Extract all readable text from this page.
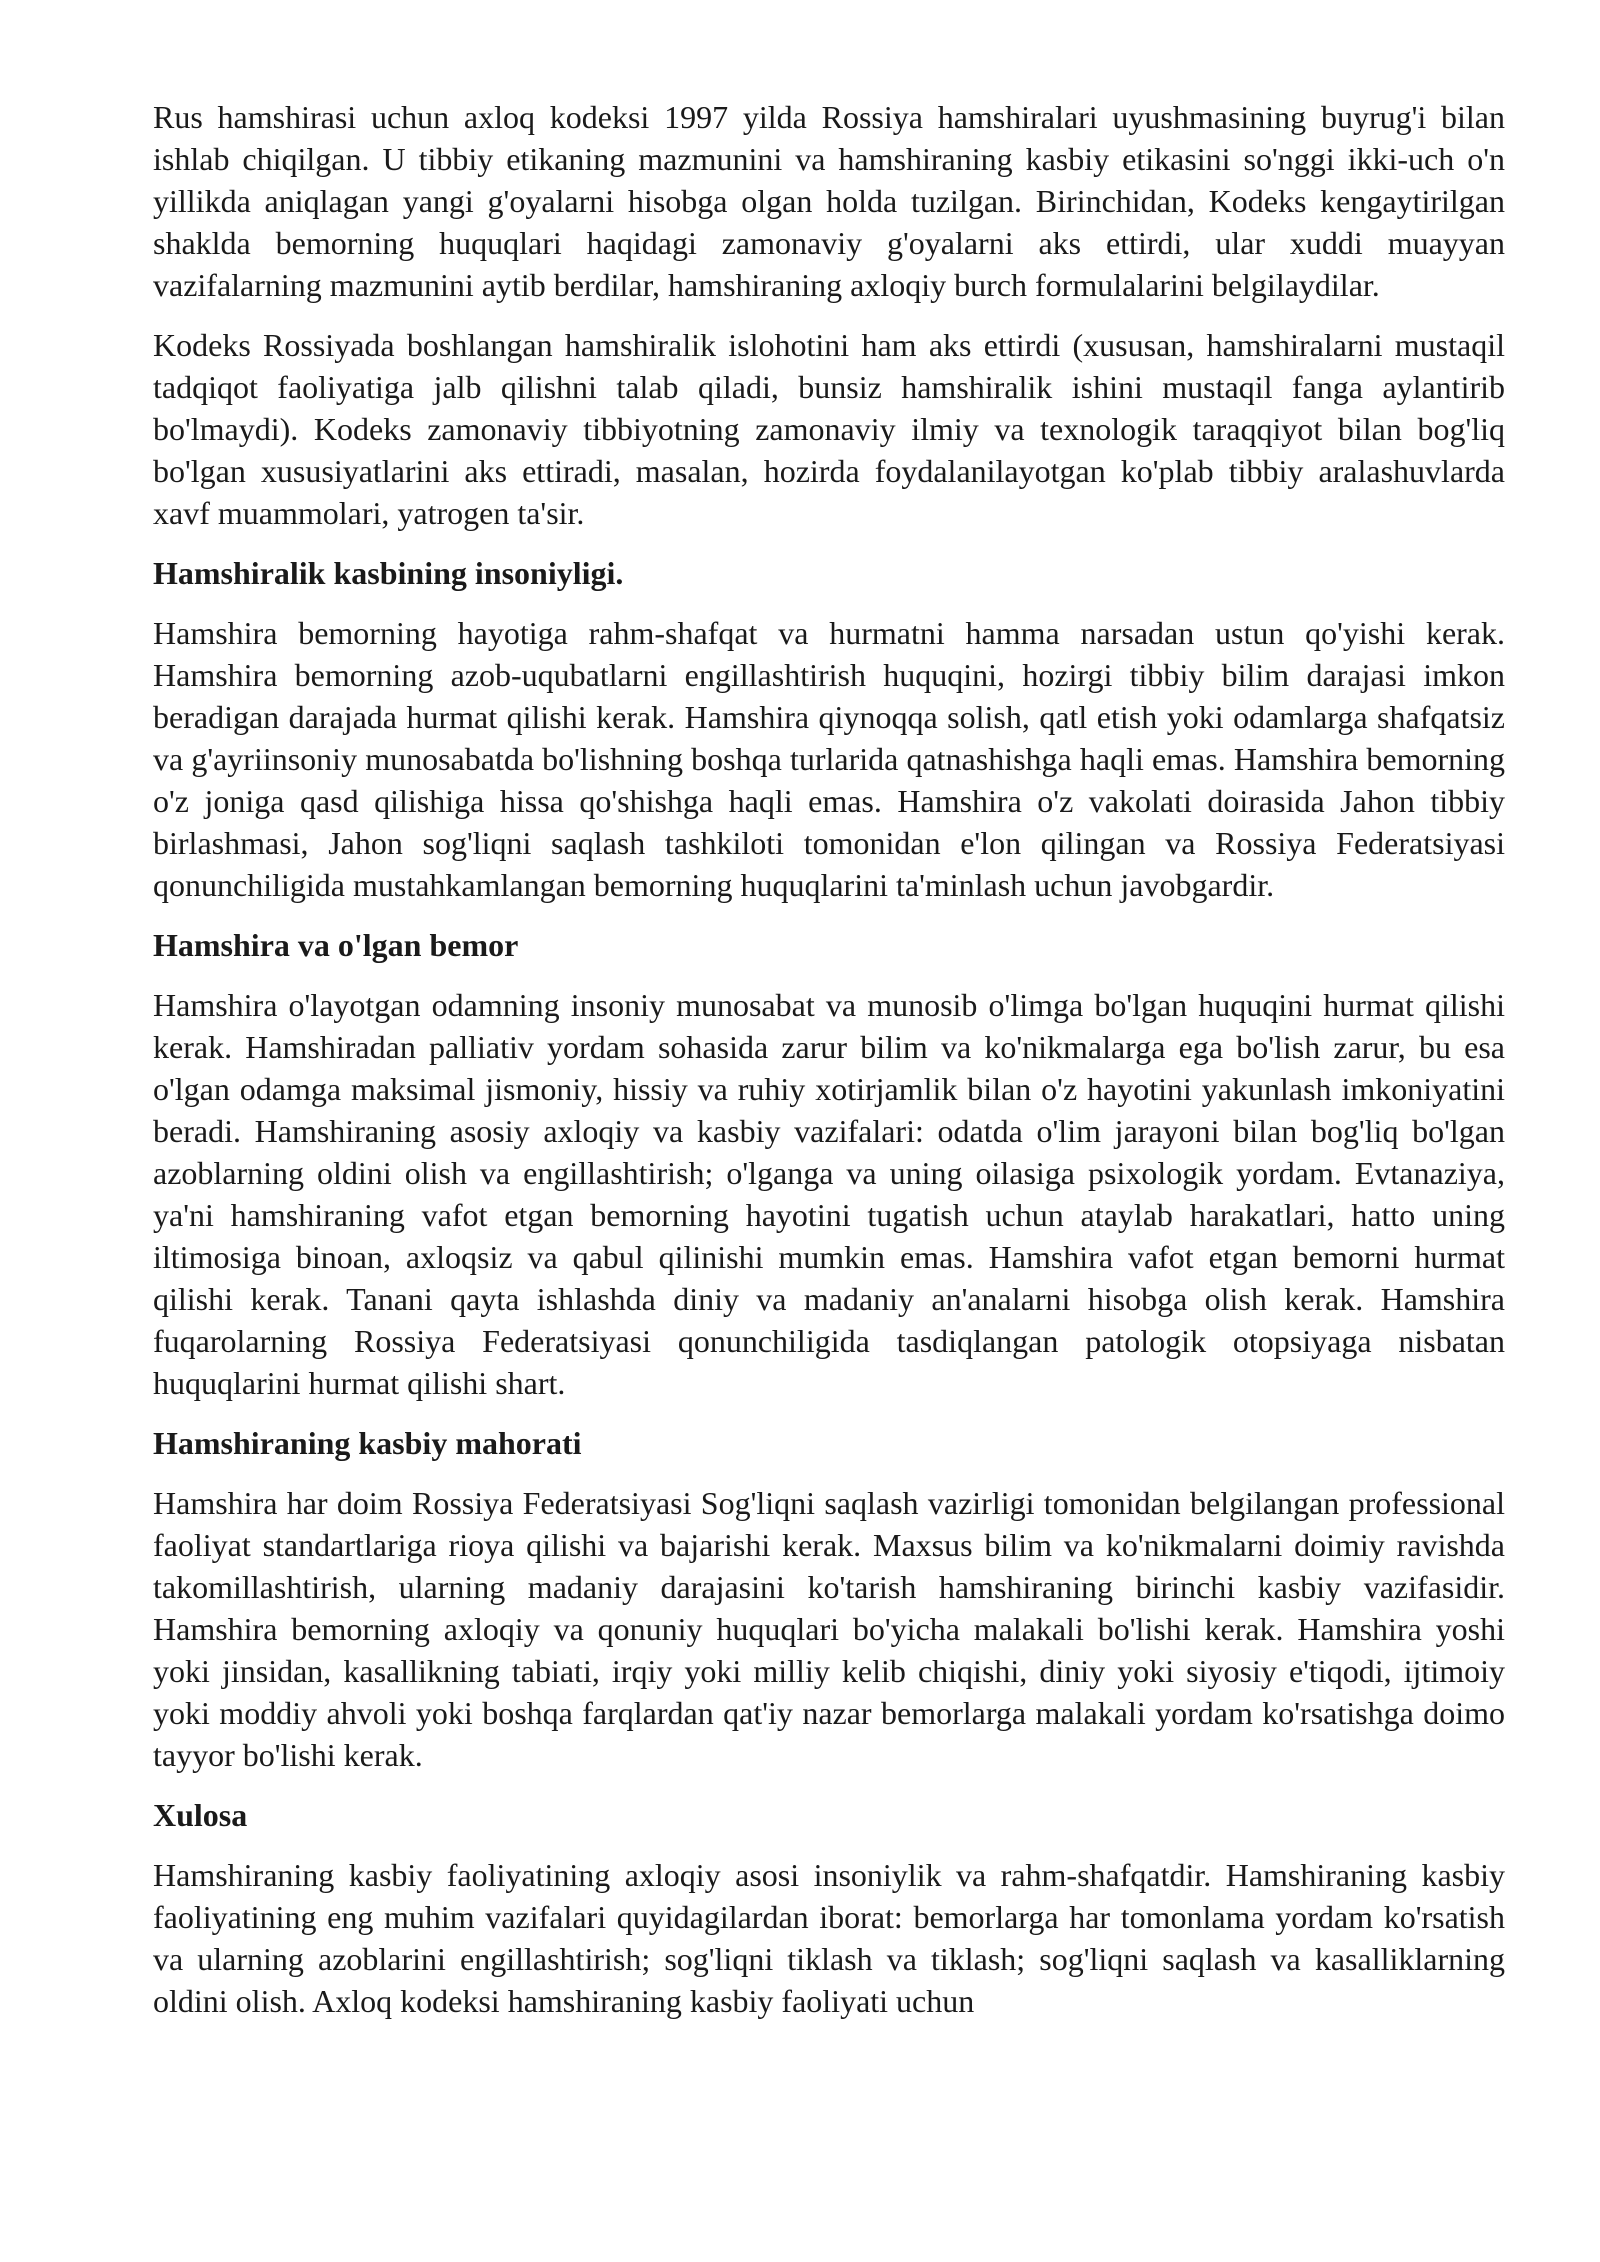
Rus hamshirasi uchun axloq kodeksi 1997 yilda Rossiya hamshiralari uyushmasining buyrug'i bilan ishlab chiqilgan. U tibbiy etikaning mazmunini va hamshiraning kasbiy etikasini so'nggi ikki-uch o'n yillikda aniqlagan yangi g'oyalarni hisobga olgan holda tuzilgan. Birinchidan, Kodeks kengaytirilgan shaklda bemorning huquqlari haqidagi zamonaviy g'oyalarni aks ettirdi, ular xuddi muayyan vazifalarning mazmunini aytib berdilar, hamshiraning axloqiy burch formulalarini belgilaydilar.

Kodeks Rossiyada boshlangan hamshiralik islohotini ham aks ettirdi (xususan, hamshiralarni mustaqil tadqiqot faoliyatiga jalb qilishni talab qiladi, bunsiz hamshiralik ishini mustaqil fanga aylantirib bo'lmaydi). Kodeks zamonaviy tibbiyotning zamonaviy ilmiy va texnologik taraqqiyot bilan bog'liq bo'lgan xususiyatlarini aks ettiradi, masalan, hozirda foydalanilayotgan ko'plab tibbiy aralashuvlarda xavf muammolari, yatrogen ta'sir.

Hamshiralik kasbining insoniyligi.

Hamshira bemorning hayotiga rahm-shafqat va hurmatni hamma narsadan ustun qo'yishi kerak. Hamshira bemorning azob-uqubatlarni engillashtirish huquqini, hozirgi tibbiy bilim darajasi imkon beradigan darajada hurmat qilishi kerak. Hamshira qiynoqqa solish, qatl etish yoki odamlarga shafqatsiz va g'ayriinsoniy munosabatda bo'lishning boshqa turlarida qatnashishga haqli emas. Hamshira bemorning o'z joniga qasd qilishiga hissa qo'shishga haqli emas. Hamshira o'z vakolati doirasida Jahon tibbiy birlashmasi, Jahon sog'liqni saqlash tashkiloti tomonidan e'lon qilingan va Rossiya Federatsiyasi qonunchiligida mustahkamlangan bemorning huquqlarini ta'minlash uchun javobgardir.

Hamshira va o'lgan bemor

Hamshira o'layotgan odamning insoniy munosabat va munosib o'limga bo'lgan huquqini hurmat qilishi kerak. Hamshiradan palliativ yordam sohasida zarur bilim va ko'nikmalarga ega bo'lish zarur, bu esa o'lgan odamga maksimal jismoniy, hissiy va ruhiy xotirjamlik bilan o'z hayotini yakunlash imkoniyatini beradi. Hamshiraning asosiy axloqiy va kasbiy vazifalari: odatda o'lim jarayoni bilan bog'liq bo'lgan azoblarning oldini olish va engillashtirish; o'lganga va uning oilasiga psixologik yordam. Evtanaziya, ya'ni hamshiraning vafot etgan bemorning hayotini tugatish uchun ataylab harakatlari, hatto uning iltimosiga binoan, axloqsiz va qabul qilinishi mumkin emas. Hamshira vafot etgan bemorni hurmat qilishi kerak. Tanani qayta ishlashda diniy va madaniy an'analarni hisobga olish kerak. Hamshira fuqarolarning Rossiya Federatsiyasi qonunchiligida tasdiqlangan patologik otopsiyaga nisbatan huquqlarini hurmat qilishi shart.

Hamshiraning kasbiy mahorati

Hamshira har doim Rossiya Federatsiyasi Sog'liqni saqlash vazirligi tomonidan belgilangan professional faoliyat standartlariga rioya qilishi va bajarishi kerak. Maxsus bilim va ko'nikmalarni doimiy ravishda takomillashtirish, ularning madaniy darajasini ko'tarish hamshiraning birinchi kasbiy vazifasidir. Hamshira bemorning axloqiy va qonuniy huquqlari bo'yicha malakali bo'lishi kerak. Hamshira yoshi yoki jinsidan, kasallikning tabiati, irqiy yoki milliy kelib chiqishi, diniy yoki siyosiy e'tiqodi, ijtimoiy yoki moddiy ahvoli yoki boshqa farqlardan qat'iy nazar bemorlarga malakali yordam ko'rsatishga doimo tayyor bo'lishi kerak.

Xulosa

Hamshiraning kasbiy faoliyatining axloqiy asosi insoniylik va rahm-shafqatdir. Hamshiraning kasbiy faoliyatining eng muhim vazifalari quyidagilardan iborat: bemorlarga har tomonlama yordam ko'rsatish va ularning azoblarini engillashtirish; sog'liqni tiklash va tiklash; sog'liqni saqlash va kasalliklarning oldini olish. Axloq kodeksi hamshiraning kasbiy faoliyati uchun
